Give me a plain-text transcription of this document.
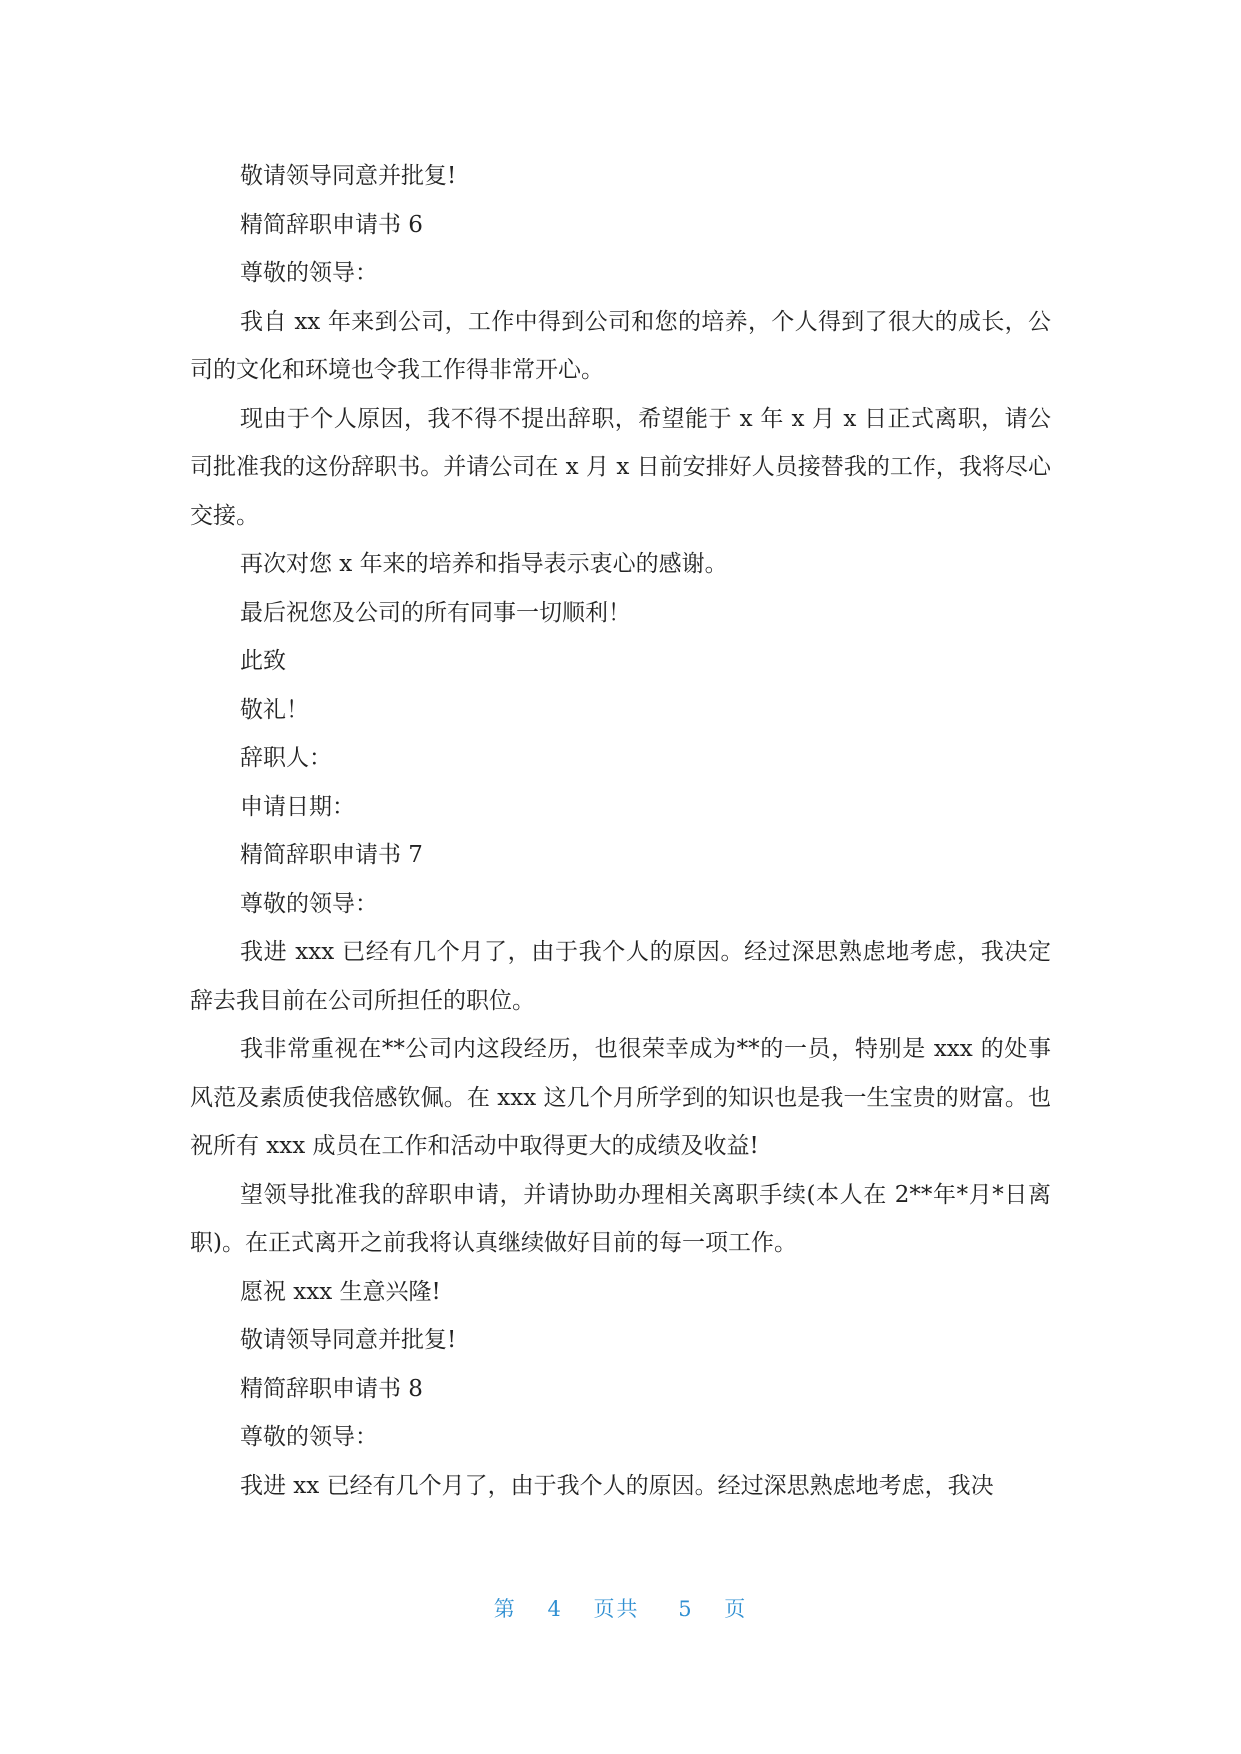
敬请领导同意并批复!

精简辞职申请书 6

尊敬的领导：

我自 xx 年来到公司，工作中得到公司和您的培养，个人得到了很大的成长，公司的文化和环境也令我工作得非常开心。

现由于个人原因，我不得不提出辞职，希望能于 x 年 x 月 x 日正式离职，请公司批准我的这份辞职书。并请公司在 x 月 x 日前安排好人员接替我的工作，我将尽心交接。

再次对您 x 年来的培养和指导表示衷心的感谢。

最后祝您及公司的所有同事一切顺利！

此致

敬礼！

辞职人：

申请日期：

精简辞职申请书 7

尊敬的领导：

我进 xxx 已经有几个月了，由于我个人的原因。经过深思熟虑地考虑，我决定辞去我目前在公司所担任的职位。

我非常重视在**公司内这段经历，也很荣幸成为**的一员，特别是 xxx 的处事风范及素质使我倍感钦佩。在 xxx 这几个月所学到的知识也是我一生宝贵的财富。也祝所有 xxx 成员在工作和活动中取得更大的成绩及收益!

望领导批准我的辞职申请，并请协助办理相关离职手续(本人在 2**年*月*日离职)。在正式离开之前我将认真继续做好目前的每一项工作。

愿祝 xxx 生意兴隆!

敬请领导同意并批复!

精简辞职申请书 8

尊敬的领导：

我进 xx 已经有几个月了，由于我个人的原因。经过深思熟虑地考虑，我决

第 4 页共 5 页
